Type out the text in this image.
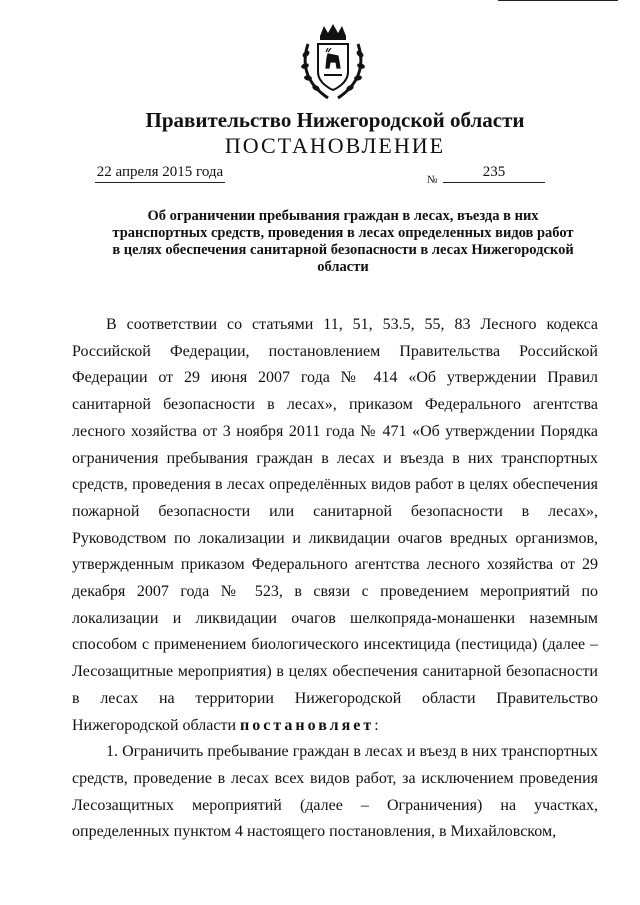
Правительство Нижегородской области
ПОСТАНОВЛЕНИЕ
22 апреля 2015 года	№	235
Об ограничении пребывания граждан в лесах, въезда в них транспортных средств, проведения в лесах определенных видов работ в целях обеспечения санитарной безопасности в лесах Нижегородской области

В соответствии со статьями 11, 51, 53.5, 55, 83 Лесного кодекса Российской Федерации, постановлением Правительства Российской Федерации от 29 июня 2007 года № 414 «Об утверждении Правил санитарной безопасности в лесах», приказом Федерального агентства лесного хозяйства от 3 ноября 2011 года № 471 «Об утверждении Порядка ограничения пребывания граждан в лесах и въезда в них транспортных средств, проведения в лесах определённых видов работ в целях обеспечения пожарной безопасности или санитарной безопасности в лесах», Руководством по локализации и ликвидации очагов вредных организмов, утвержденным приказом Федерального агентства лесного хозяйства от 29 декабря 2007 года № 523, в связи с проведением мероприятий по локализации и ликвидации очагов шелкопряда-монашенки наземным способом с применением биологического инсектицида (пестицида) (далее – Лесозащитные мероприятия) в целях обеспечения санитарной безопасности в лесах на территории Нижегородской области Правительство Нижегородской области постановляет:

1. Ограничить пребывание граждан в лесах и въезд в них транспортных средств, проведение в лесах всех видов работ, за исключением проведения Лесозащитных мероприятий (далее – Ограничения) на участках, определенных пунктом 4 настоящего постановления, в Михайловском,
